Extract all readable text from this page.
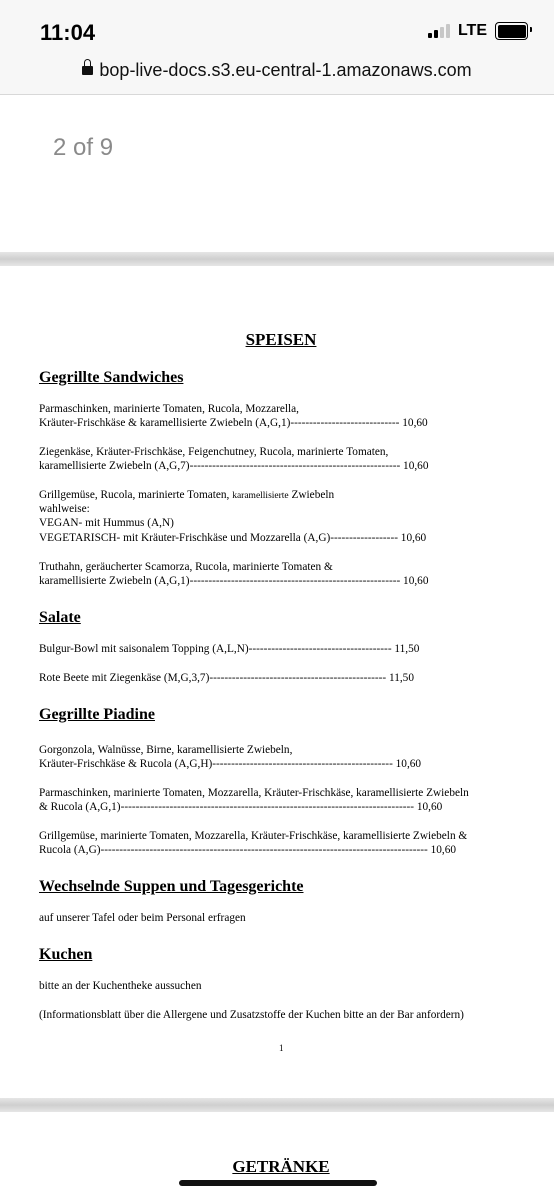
11:04	LTE
bop-live-docs.s3.eu-central-1.amazonaws.com
2 of 9
SPEISEN
Gegrillte Sandwiches
Parmaschinken, marinierte Tomaten, Rucola, Mozzarella,
Kräuter-Frischkäse & karamellisierte Zwiebeln (A,G,1)----------------------------- 10,60
Ziegenkäse, Kräuter-Frischkäse, Feigenchutney, Rucola, marinierte Tomaten,
karamellisierte Zwiebeln (A,G,7)-------------------------------------------------------- 10,60
Grillgemüse, Rucola, marinierte Tomaten, karamellisierte Zwiebeln
wahlweise:
VEGAN- mit Hummus (A,N)
VEGETARISCH- mit Kräuter-Frischkäse und Mozzarella (A,G)------------------ 10,60
Truthahn, geräucherter Scamorza, Rucola, marinierte Tomaten &
karamellisierte Zwiebeln (A,G,1)-------------------------------------------------------- 10,60
Salate
Bulgur-Bowl mit saisonalem Topping (A,L,N)-------------------------------------- 11,50
Rote Beete mit Ziegenkäse (M,G,3,7)----------------------------------------------- 11,50
Gegrillte Piadine
Gorgonzola, Walnüsse, Birne, karamellisierte Zwiebeln,
Kräuter-Frischkäse & Rucola (A,G,H)------------------------------------------------ 10,60
Parmaschinken, marinierte Tomaten, Mozzarella, Kräuter-Frischkäse, karamellisierte Zwiebeln
& Rucola (A,G,1)------------------------------------------------------------------------------ 10,60
Grillgemüse, marinierte Tomaten, Mozzarella, Kräuter-Frischkäse, karamellisierte Zwiebeln &
Rucola (A,G)--------------------------------------------------------------------------------------- 10,60
Wechselnde Suppen und Tagesgerichte
auf unserer Tafel oder beim Personal erfragen
Kuchen
bitte an der Kuchentheke aussuchen
(Informationsblatt über die Allergene und Zusatzstoffe der Kuchen bitte an der Bar anfordern)
1
GETRÄNKE
